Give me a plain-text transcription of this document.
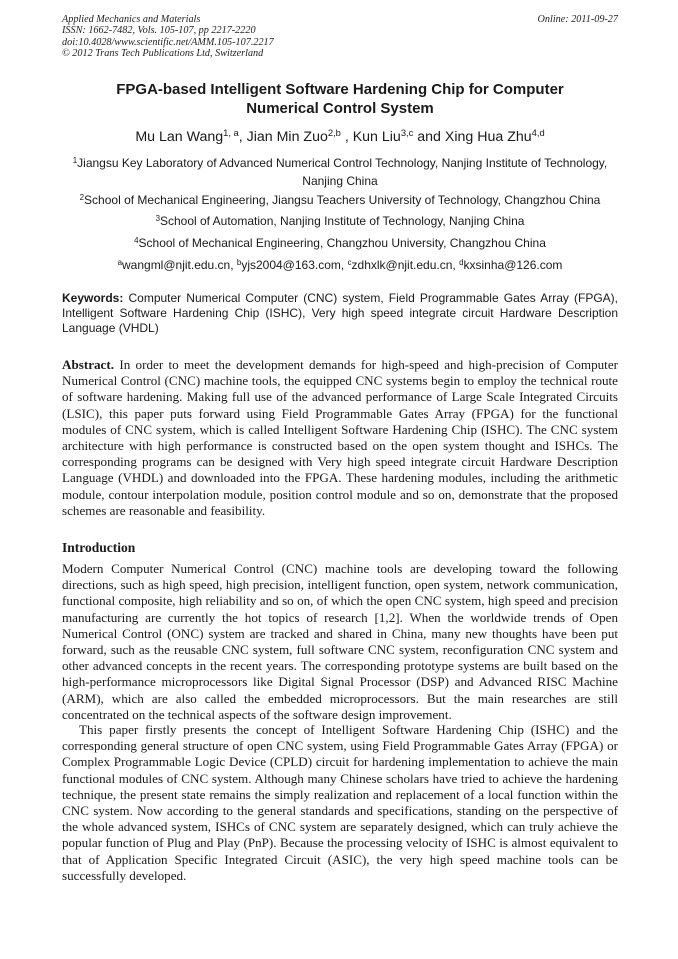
Applied Mechanics and Materials
ISSN: 1662-7482, Vols. 105-107, pp 2217-2220
doi:10.4028/www.scientific.net/AMM.105-107.2217
© 2012 Trans Tech Publications Ltd, Switzerland
Online: 2011-09-27
FPGA-based Intelligent Software Hardening Chip for Computer
Numerical Control System
Mu Lan Wang$^{1, a}$, Jian Min Zuo$^{2,b}$ , Kun Liu$^{3,c}$ and Xing Hua Zhu$^{4,d}$
$^1$Jiangsu Key Laboratory of Advanced Numerical Control Technology, Nanjing Institute of Technology, Nanjing China
$^2$School of Mechanical Engineering, Jiangsu Teachers University of Technology, Changzhou China
$^3$School of Automation, Nanjing Institute of Technology, Nanjing China
$^4$School of Mechanical Engineering, Changzhou University, Changzhou China
$^a$wangml@njit.edu.cn, $^b$yjs2004@163.com, $^c$zdhxlk@njit.edu.cn, $^d$kxsinha@126.com
Keywords: Computer Numerical Computer (CNC) system, Field Programmable Gates Array (FPGA), Intelligent Software Hardening Chip (ISHC), Very high speed integrate circuit Hardware Description Language (VHDL)
Abstract. In order to meet the development demands for high-speed and high-precision of Computer Numerical Control (CNC) machine tools, the equipped CNC systems begin to employ the technical route of software hardening. Making full use of the advanced performance of Large Scale Integrated Circuits (LSIC), this paper puts forward using Field Programmable Gates Array (FPGA) for the functional modules of CNC system, which is called Intelligent Software Hardening Chip (ISHC). The CNC system architecture with high performance is constructed based on the open system thought and ISHCs. The corresponding programs can be designed with Very high speed integrate circuit Hardware Description Language (VHDL) and downloaded into the FPGA. These hardening modules, including the arithmetic module, contour interpolation module, position control module and so on, demonstrate that the proposed schemes are reasonable and feasibility.
Introduction
Modern Computer Numerical Control (CNC) machine tools are developing toward the following directions, such as high speed, high precision, intelligent function, open system, network communication, functional composite, high reliability and so on, of which the open CNC system, high speed and precision manufacturing are currently the hot topics of research [1,2]. When the worldwide trends of Open Numerical Control (ONC) system are tracked and shared in China, many new thoughts have been put forward, such as the reusable CNC system, full software CNC system, reconfiguration CNC system and other advanced concepts in the recent years. The corresponding prototype systems are built based on the high-performance microprocessors like Digital Signal Processor (DSP) and Advanced RISC Machine (ARM), which are also called the embedded microprocessors. But the main researches are still concentrated on the technical aspects of the software design improvement.
This paper firstly presents the concept of Intelligent Software Hardening Chip (ISHC) and the corresponding general structure of open CNC system, using Field Programmable Gates Array (FPGA) or Complex Programmable Logic Device (CPLD) circuit for hardening implementation to achieve the main functional modules of CNC system. Although many Chinese scholars have tried to achieve the hardening technique, the present state remains the simply realization and replacement of a local function within the CNC system. Now according to the general standards and specifications, standing on the perspective of the whole advanced system, ISHCs of CNC system are separately designed, which can truly achieve the popular function of Plug and Play (PnP). Because the processing velocity of ISHC is almost equivalent to that of Application Specific Integrated Circuit (ASIC), the very high speed machine tools can be successfully developed.
